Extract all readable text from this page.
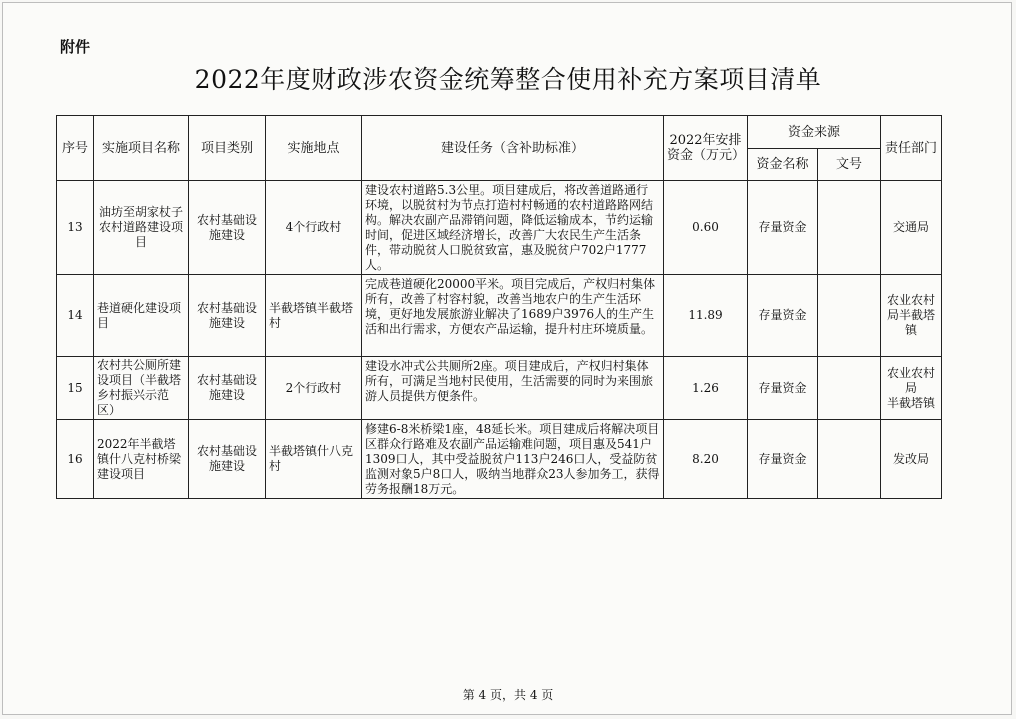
附件
2022年度财政涉农资金统筹整合使用补充方案项目清单
序号	实施项目名称	项目类别	实施地点	建设任务（含补助标准）	2022年安排资金（万元）	资金来源		责任部门
						资金名称	文号	
13	油坊至胡家杖子农村道路建设项目	农村基础设施建设	4个行政村	建设农村道路5.3公里。项目建成后，将改善道路通行环境，以脱贫村为节点打造村村畅通的农村道路路网结构。解决农副产品滞销问题，降低运输成本，节约运输时间，促进区域经济增长，改善广大农民生产生活条件，带动脱贫人口脱贫致富，惠及脱贫户702户1777人。	0.60	存量资金		交通局
14	巷道硬化建设项目	农村基础设施建设	半截塔镇半截塔村	完成巷道硬化20000平米。项目完成后，产权归村集体所有，改善了村容村貌，改善当地农户的生产生活环境，更好地发展旅游业解决了1689户3976人的生产生活和出行需求，方便农产品运输，提升村庄环境质量。	11.89	存量资金		农业农村局半截塔镇
15	农村共公厕所建设项目（半截塔乡村振兴示范区）	农村基础设施建设	2个行政村	建设水冲式公共厕所2座。项目建成后，产权归村集体所有，可满足当地村民使用，生活需要的同时为来围旅游人员提供方便条件。	1.26	存量资金		农业农村局
半截塔镇
16	2022年半截塔镇什八克村桥梁建设项目	农村基础设施建设	半截塔镇什八克村	修建6-8米桥梁1座，48延长米。项目建成后将解决项目区群众行路难及农副产品运输难问题，项目惠及541户1309口人，其中受益脱贫户113户246口人，受益防贫监测对象5户8口人，吸纳当地群众23人参加务工，获得劳务报酬18万元。	8.20	存量资金		发改局
第 4 页，共 4 页
